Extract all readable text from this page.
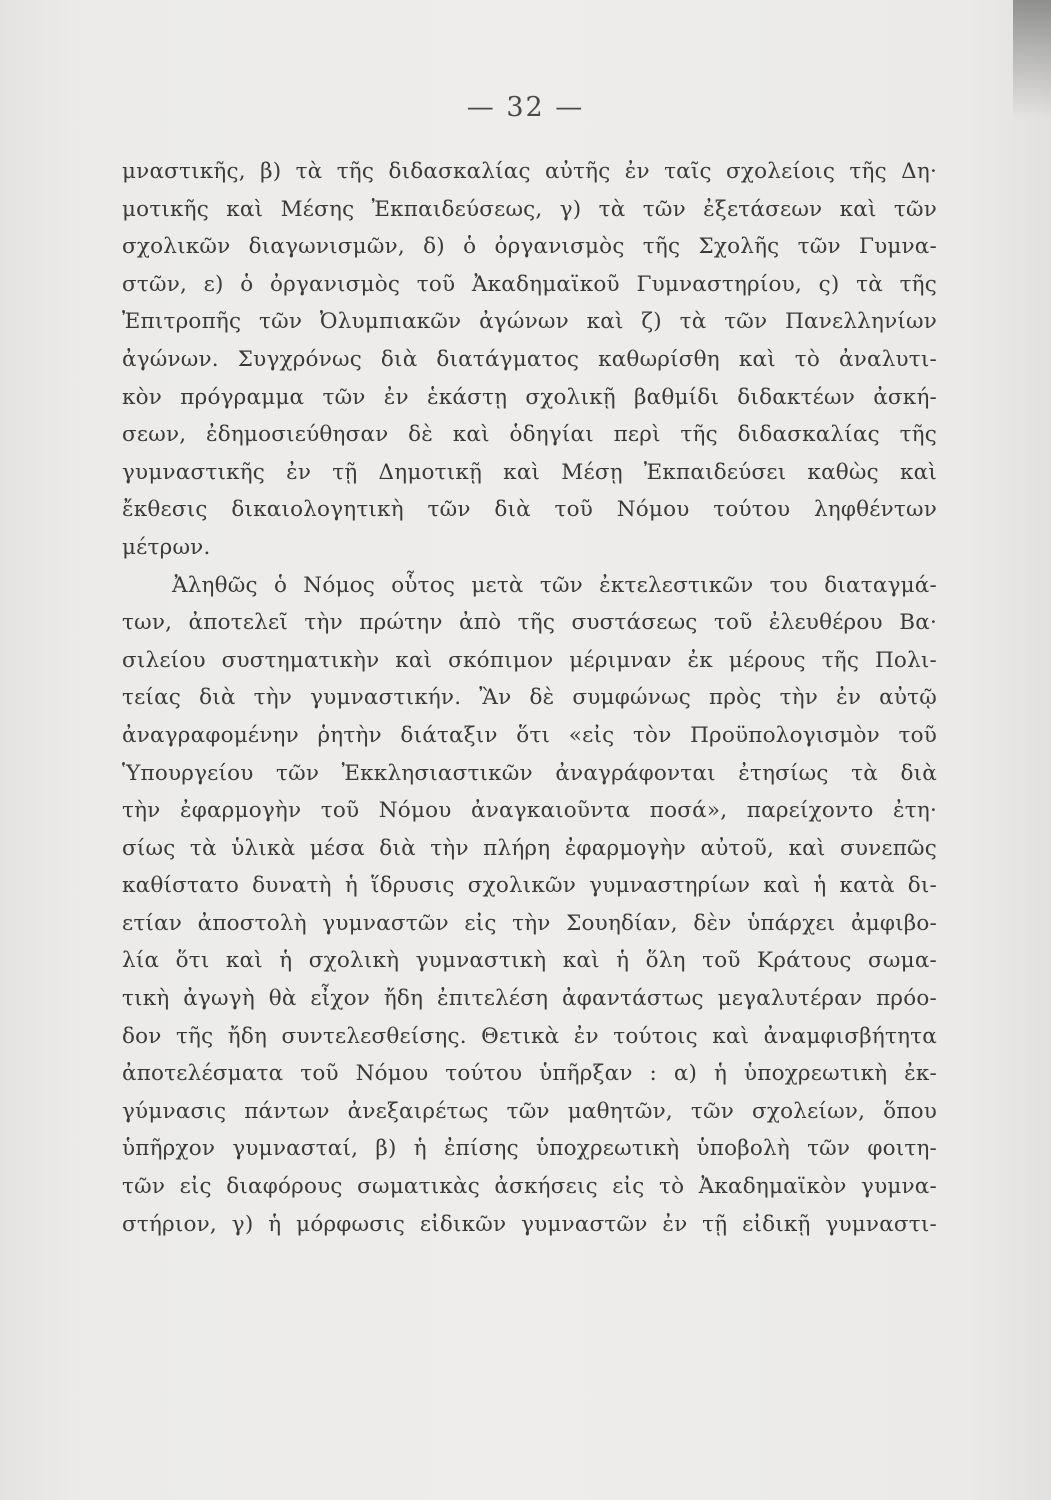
— 32 —
μναστικῆς, β) τὰ τῆς διδασκαλίας αὐτῆς ἐν ταῖς σχολείοις τῆς Δη·
μοτικῆς καὶ Μέσης Ἐκπαιδεύσεως, γ) τὰ τῶν ἐξετάσεων καὶ τῶν
σχολικῶν διαγωνισμῶν, δ) ὁ ὀργανισμὸς τῆς Σχολῆς τῶν Γυμνα-
στῶν, ε) ὁ ὀργανισμὸς τοῦ Ἀκαδημαϊκοῦ Γυμναστηρίου, ς) τὰ τῆς
Ἐπιτροπῆς τῶν Ὀλυμπιακῶν ἀγώνων καὶ ζ) τὰ τῶν Πανελληνίων
ἀγώνων. Συγχρόνως διὰ διατάγματος καθωρίσθη καὶ τὸ ἀναλυτι-
κὸν πρόγραμμα τῶν ἐν ἑκάστῃ σχολικῇ βαθμίδι διδακτέων ἀσκή-
σεων, ἐδημοσιεύθησαν δὲ καὶ ὁδηγίαι περὶ τῆς διδασκαλίας τῆς
γυμναστικῆς ἐν τῇ Δημοτικῇ καὶ Μέσῃ Ἐκπαιδεύσει καθὼς καὶ
ἔκθεσις δικαιολογητικὴ τῶν διὰ τοῦ Νόμου τούτου ληφθέντων
μέτρων.
Ἀληθῶς ὁ Νόμος οὗτος μετὰ τῶν ἐκτελεστικῶν του διαταγμά-
των, ἀποτελεῖ τὴν πρώτην ἀπὸ τῆς συστάσεως τοῦ ἐλευθέρου Βα·
σιλείου συστηματικὴν καὶ σκόπιμον μέριμναν ἐκ μέρους τῆς Πολι-
τείας διὰ τὴν γυμναστικήν. Ἂν δὲ συμφώνως πρὸς τὴν ἐν αὐτῷ
ἀναγραφομένην ῥητὴν διάταξιν ὅτι «εἰς τὸν Προϋπολογισμὸν τοῦ
Ὑπουργείου τῶν Ἐκκλησιαστικῶν ἀναγράφονται ἐτησίως τὰ διὰ
τὴν ἐφαρμογὴν τοῦ Νόμου ἀναγκαιοῦντα ποσά», παρείχοντο ἐτη·
σίως τὰ ὑλικὰ μέσα διὰ τὴν πλήρη ἐφαρμογὴν αὐτοῦ, καὶ συνεπῶς
καθίστατο δυνατὴ ἡ ἵδρυσις σχολικῶν γυμναστηρίων καὶ ἡ κατὰ δι-
ετίαν ἀποστολὴ γυμναστῶν εἰς τὴν Σουηδίαν, δὲν ὑπάρχει ἀμφιβο-
λία ὅτι καὶ ἡ σχολικὴ γυμναστικὴ καὶ ἡ ὅλη τοῦ Κράτους σωμα-
τικὴ ἀγωγὴ θὰ εἶχον ἤδη ἐπιτελέση ἀφαντάστως μεγαλυτέραν πρόο-
δον τῆς ἤδη συντελεσθείσης. Θετικὰ ἐν τούτοις καὶ ἀναμφισβήτητα
ἀποτελέσματα τοῦ Νόμου τούτου ὑπῆρξαν : α) ἡ ὑποχρεωτικὴ ἐκ-
γύμνασις πάντων ἀνεξαιρέτως τῶν μαθητῶν, τῶν σχολείων, ὅπου
ὑπῆρχον γυμνασταί, β) ἡ ἐπίσης ὑποχρεωτικὴ ὑποβολὴ τῶν φοιτη-
τῶν εἰς διαφόρους σωματικὰς ἀσκήσεις εἰς τὸ Ἀκαδημαϊκὸν γυμνα-
στήριον, γ) ἡ μόρφωσις εἰδικῶν γυμναστῶν ἐν τῇ εἰδικῇ γυμναστι-
